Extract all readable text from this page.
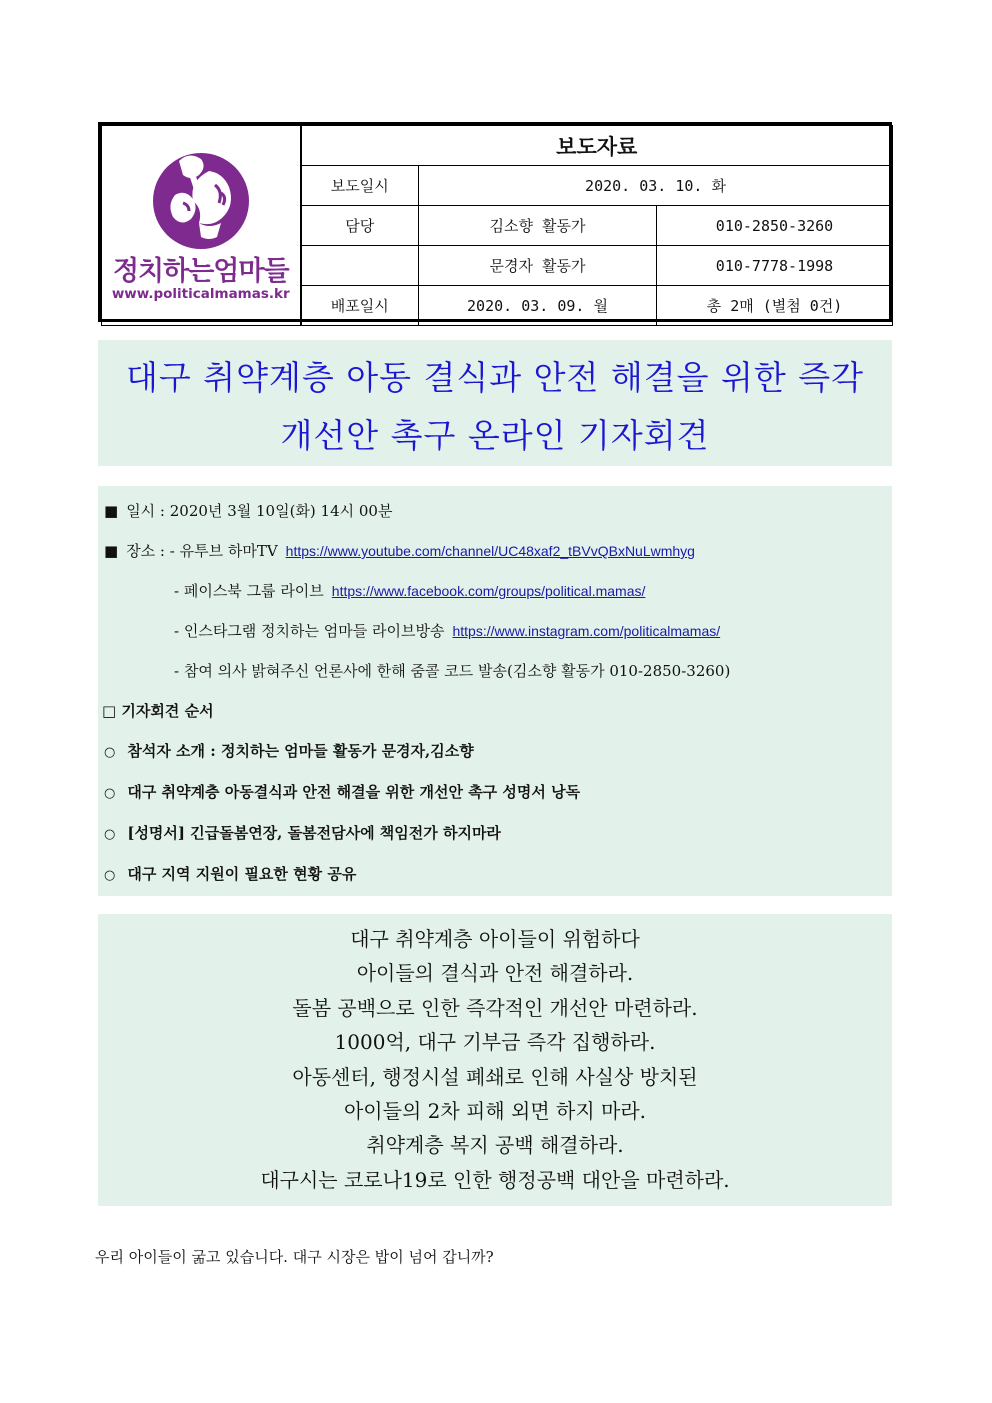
정치하는엄마들
www.politicalmamas.kr	보도자료		
	보도일시	2020. 03. 10. 화	
	담당	김소향 활동가	010-2850-3260
		문경자 활동가	010-7778-1998
	배포일시	2020. 03. 09. 월	총 2매 (별첨 0건)
대구 취약계층 아동 결식과 안전 해결을 위한 즉각
개선안 촉구 온라인 기자회견
■ 일시 : 2020년 3월 10일(화) 14시 00분
■ 장소 : - 유투브 하마TV https://www.youtube.com/channel/UC48xaf2_tBVvQBxNuLwmhyg
- 페이스북 그룹 라이브 https://www.facebook.com/groups/political.mamas/
- 인스타그램 정치하는 엄마들 라이브방송 https://www.instagram.com/politicalmamas/
- 참여 의사 밝혀주신 언론사에 한해 줌콜 코드 발송(김소향 활동가 010-2850-3260)
□ 기자회견 순서
○ 참석자 소개 : 정치하는 엄마들 활동가 문경자,김소향
○ 대구 취약계층 아동결식과 안전 해결을 위한 개선안 촉구 성명서 낭독
○ [성명서] 긴급돌봄연장, 돌봄전담사에 책임전가 하지마라
○ 대구 지역 지원이 필요한 현황 공유
대구 취약계층 아이들이 위험하다
아이들의 결식과 안전 해결하라.
돌봄 공백으로 인한 즉각적인 개선안 마련하라.
1000억, 대구 기부금 즉각 집행하라.
아동센터, 행정시설 폐쇄로 인해 사실상 방치된
아이들의 2차 피해 외면 하지 마라.
취약계층 복지 공백 해결하라.
대구시는 코로나19로 인한 행정공백 대안을 마련하라.
우리 아이들이 굶고 있습니다. 대구 시장은 밥이 넘어 갑니까?
